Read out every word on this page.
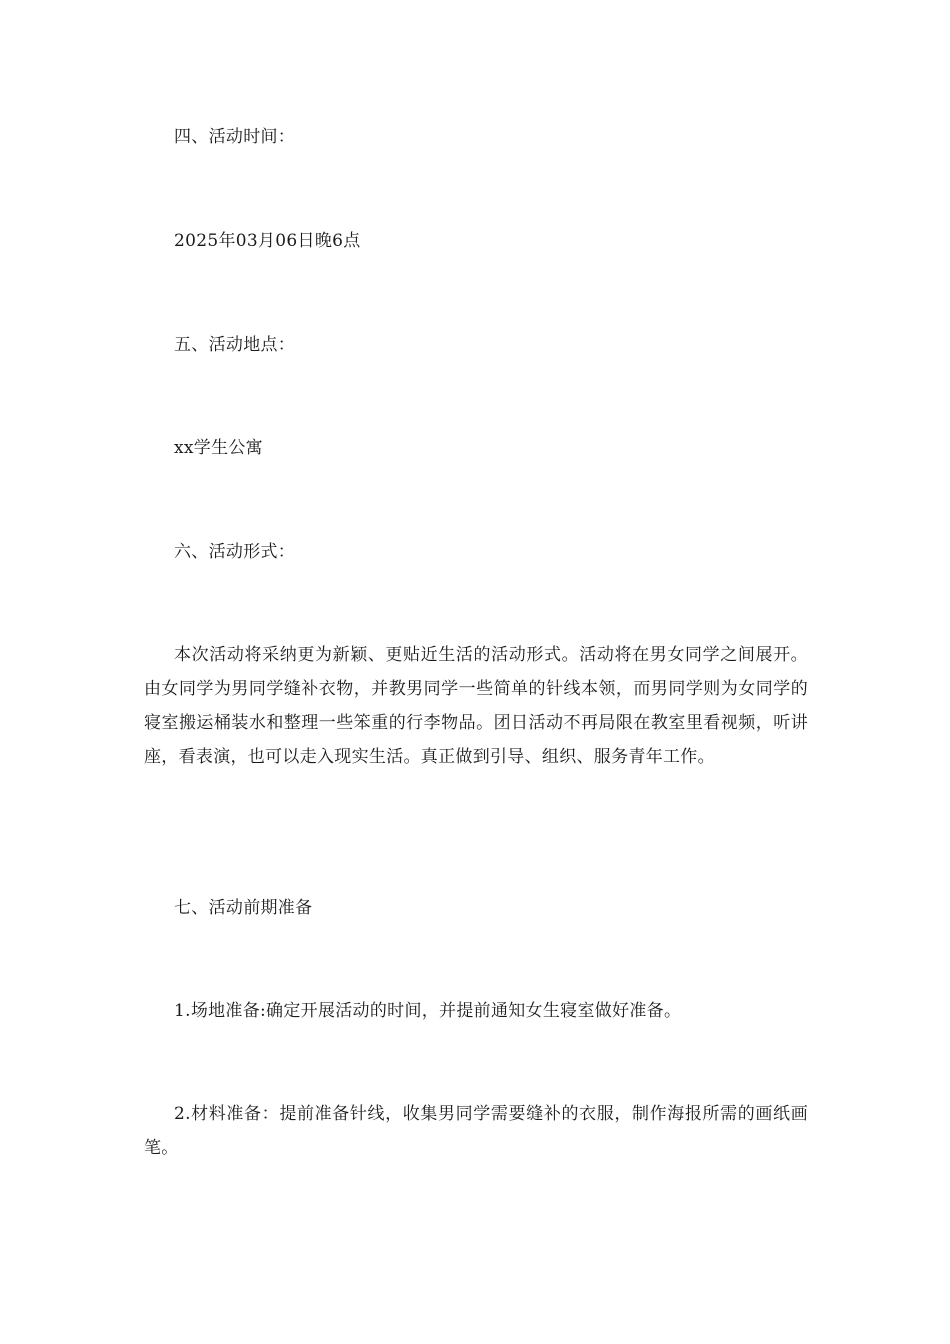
四、活动时间：
2025年03月06日晚6点
五、活动地点：
xx学生公寓
六、活动形式：
本次活动将采纳更为新颖、更贴近生活的活动形式。活动将在男女同学之间展开。由女同学为男同学缝补衣物，并教男同学一些简单的针线本领，而男同学则为女同学的寝室搬运桶装水和整理一些笨重的行李物品。团日活动不再局限在教室里看视频，听讲座，看表演，也可以走入现实生活。真正做到引导、组织、服务青年工作。
七、活动前期准备
1.场地准备:确定开展活动的时间，并提前通知女生寝室做好准备。
2.材料准备：提前准备针线，收集男同学需要缝补的衣服，制作海报所需的画纸画笔。
